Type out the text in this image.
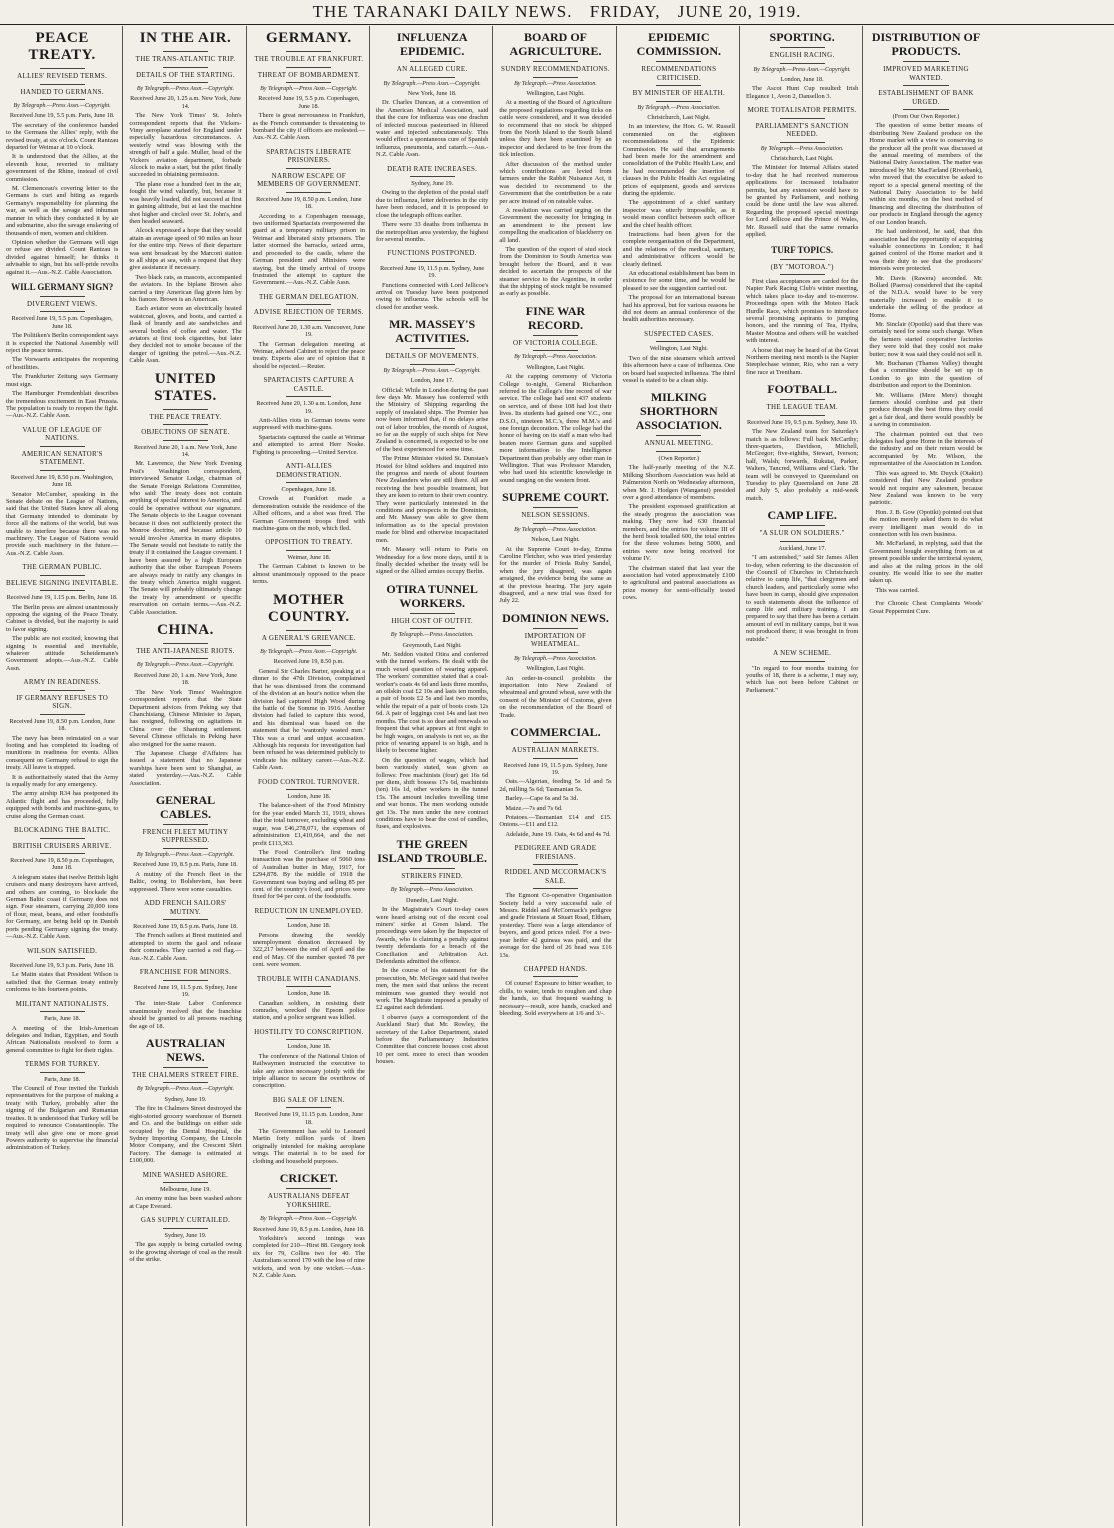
THE TARANAKI DAILY NEWS. FRIDAY, JUNE 20, 1919.
PEACE TREATY.
ALLIES' REVISED TERMS.
HANDED TO GERMANS.
By Telegraph.—Press Assn.—Copyright.
Received June 19, 5.5 p.m. Paris, June 18.

The secretary of the conference handed to the Germans the Allies' reply, with the revised treaty, at six o'clock. Count Rantzau departed for Weimar at 10 o'clock.

It is understood that the Allies, at the eleventh hour, reverted to military government of the Rhine, instead of civil commission.

M. Clemenceau's covering letter to the Germans is curt and biting as regards Germany's responsibility for planning the war, as well as the savage and inhuman manner in which they conducted it by air and submarine, also the savage enslaving of thousands of men, women and children.

Opinion whether the Germans will sign or refuse are divided. Count Rantzau is divided against himself; he thinks it advisable to sign, but his self-pride revolts against it.—Aus.-N.Z. Cable Association.

WILL GERMANY SIGN?
DIVERGENT VIEWS.
Received June 19, 5.5 p.m. Copenhagen, June 18.

The Politiken's Berlin correspondent says it is expected the National Assembly will reject the peace terms.

The Vorwaerts anticipates the reopening of hostilities.

The Frankfurter Zeitung says Germany must sign.

The Hamburger Fremdenblatt describes the tremendous excitement in East Prussia. The population is ready to reopen the fight.—Aus.-N.Z. Cable Assn.

VALUE OF LEAGUE OF NATIONS.
AMERICAN SENATOR'S STATEMENT.
Received June 19, 8.50 p.m. Washington, June 18.

Senator McCumber, speaking in the Senate debate on the League of Nations, said that the United States knew all along that Germany intended to dominate by force all the nations of the world, but was unable to interfere because there was no machinery. The League of Nations would provide such machinery in the future.—Aus.-N.Z. Cable Assn.

THE GERMAN PUBLIC.
BELIEVE SIGNING INEVITABLE.
Received June 19, 1.15 p.m. Berlin, June 18.

The Berlin press are almost unanimously opposing the signing of the Peace Treaty. Cabinet is divided, but the majority is said to favor signing.

The public are not excited, knowing that signing is essential and inevitable, whatever attitude Scheidemann's Government adopts.—Aus.-N.Z. Cable Assn.

ARMY IN READINESS.
IF GERMANY REFUSES TO SIGN.
Received June 19, 8.50 p.m. London, June 18.

The navy has been reinstated on a war footing and has completed its loading of munitions in readiness for events. Allies consequent on Germany refusal to sign the treaty. All leave is stopped.

It is authoritatively stated that the Army is equally ready for any emergency.

The army airship R34 has postponed its Atlantic flight and has proceeded, fully equipped with bombs and machine-guns, to cruise along the German coast.

BLOCKADING THE BALTIC.
BRITISH CRUISERS ARRIVE.
Received June 19, 8.50 p.m. Copenhagen, June 18.

A telegram states that twelve British light cruisers and many destroyers have arrived, and others are coming, to blockade the German Baltic coast if Germany does not sign. Four steamers, carrying 20,000 tons of flour, meat, beans, and other foodstuffs for Germany, are being held up in Danish ports pending Germany signing the treaty.—Aus.-N.Z. Cable Assn.

WILSON SATISFIED.
Received June 19, 9.3 p.m. Paris, June 18.

Le Matin states that President Wilson is satisfied that the German treaty entirely conforms to his fourteen points.

MILITANT NATIONALISTS.
Paris, June 18.

A meeting of the Irish-American delegates and Indian, Egyptian, and South African Nationalists resolved to form a general committee to fight for their rights.

TERMS FOR TURKEY.
Paris, June 18.

The Council of Four invited the Turkish representatives for the purpose of making a treaty with Turkey, probably after the signing of the Bulgarian and Rumanian treaties. It is understood that Turkey will be required to renounce Constantinople. The treaty will also give one or more great Powers authority to supervise the financial administration of Turkey.

IN THE AIR.
THE TRANS-ATLANTIC TRIP.
DETAILS OF THE STARTING.
By Telegraph.—Press Assn.—Copyright.
Received June 20, 1.25 a.m. New York, June 14.

The New York Times' St. John's correspondent reports that the Vickers-Vimy aeroplane started for England under especially hazardous circumstances. A westerly wind was blowing with the strength of half a gale. Muller, head of the Vickers aviation department, forbade Alcock to make a start, but the pilot finally succeeded in obtaining permission.

The plane rose a hundred feet in the air, fought the wind valiantly, but, because it was heavily loaded, did not succeed at first in gaining altitude, but at last the machine shot higher and circled over St. John's, and then headed seaward.

Alcock expressed a hope that they would attain an average speed of 90 miles an hour for the entire trip. News of their departure was sent broadcast by the Marconi station to all ships at sea, with a request that they give assistance if necessary.

Two black cats, as mascots, accompanied the aviators. In the biplane Brown also carried a tiny American flag given him by his fiancee. Brown is an American.

Each aviator wore an electrically heated waistcoat, gloves, and boots, and carried a flask of brandy and ate sandwiches and several bottles of coffee and water. The aviators at first took cigarettes, but later they decided not to smoke because of the danger of igniting the petrol.—Aus.-N.Z. Cable Assn.

UNITED STATES.
THE PEACE TREATY.
OBJECTIONS OF SENATE.
Received June 20, 1 a.m. New York, June 14.

Mr. Lawrence, the New York Evening Post's Washington correspondent, interviewed Senator Lodge, chairman of the Senate Foreign Relations Committee, who said: The treaty does not contain anything of special interest to America, and could be operative without our signature. The Senate objects to the League covenant because it does not sufficiently protect the Monroe doctrine, and because article 10 would involve America in many disputes. The Senate would not hesitate to ratify the treaty if it contained the League covenant. I have been assured by a high European authority that the other European Powers are always ready to ratify any changes in the treaty which America might suggest. The Senate will probably ultimately change the treaty by amendment or specific reservation on certain terms.—Aus.-N.Z. Cable Association.

CHINA.
THE ANTI-JAPANESE RIOTS.
By Telegraph.—Press Assn.—Copyright.
Received June 20, 1 a.m. New York, June 18.

The New York Times' Washington correspondent reports that the State Department advices from Peking say that Chanchisiang, Chinese Minister to Japan, has resigned, following on agitations in China over the Shantung settlement. Several Chinese officials in Peking have also resigned for the same reason.

The Japanese Charge d'Affaires has issued a statement that no Japanese warships have been sent to Shanghai, as stated yesterday.—Aus.-N.Z. Cable Association.

GENERAL CABLES.
FRENCH FLEET MUTINY SUPPRESSED.
By Telegraph.—Press Assn.—Copyright.
Received June 19, 8.5 p.m. Paris, June 18.

A mutiny of the French fleet in the Baltic, owing to Bolshevism, has been suppressed. There were some casualties.

ADD FRENCH SAILORS' MUTINY.
Received June 19, 8.5 p.m. Paris, June 18.

The French sailors at Brest mutinied and attempted to storm the gaol and release their comrades. They carried a red flag.—Aus.-N.Z. Cable Assn.

FRANCHISE FOR MINORS.
Received June 19, 11.5 p.m. Sydney, June 19.

The inter-State Labor Conference unanimously resolved that the franchise should be granted to all persons reaching the age of 18.

AUSTRALIAN NEWS.
THE CHALMERS STREET FIRE.
By Telegraph.—Press Assn.—Copyright.
Sydney, June 19.

The fire in Chalmers Street destroyed the eight-storied grocery warehouse of Burnett and Co. and the buildings on either side occupied by the Dental Hospital, the Sydney Importing Company, the Lincoln Motor Company, and the Crescent Shirt Factory. The damage is estimated at £100,000.

MINE WASHED ASHORE.
Melbourne, June 19.

An enemy mine has been washed ashore at Cape Everard.

GAS SUPPLY CURTAILED.
Sydney, June 19.

The gas supply is being curtailed owing to the growing shortage of coal as the result of the strike.

GERMANY.
THE TROUBLE AT FRANKFURT.
THREAT OF BOMBARDMENT.
By Telegraph.—Press Assn.—Copyright.
Received June 19, 5.5 p.m. Copenhagen, June 18.

There is great nervousness in Frankfurt, as the French commander is threatening to bombard the city if officers are molested.—Aus.-N.Z. Cable Assn.

SPARTACISTS LIBERATE PRISONERS.
NARROW ESCAPE OF MEMBERS OF GOVERNMENT.
Received June 19, 8.50 p.m. London, June 18.

According to a Copenhagen message, two uniformed Spartacists overpowered the guard at a temporary military prison in Weimar and liberated sixty prisoners. The latter stormed the barracks, seized arms, and proceeded to the castle, where the German president and Ministers were staying, but the timely arrival of troops frustrated the attempt to capture the Government.—Aus.-N.Z. Cable Assn.

THE GERMAN DELEGATION.
ADVISE REJECTION OF TERMS.
Received June 20, 1.30 a.m. Vancouver, June 19.

The German delegation meeting at Weimar, advised Cabinet to reject the peace treaty. Experts also are of opinion that it should be rejected.—Reuter.

SPARTACISTS CAPTURE A CASTLE.
Received June 20, 1.30 a.m. London, June 19.

Anti-Allies riots in German towns were suppressed with machine-guns.

Spartacists captured the castle at Weimar and attempted to arrest Herr Noske. Fighting is proceeding.—United Service.

ANTI-ALLIES DEMONSTRATION.
Copenhagen, June 18.

Crowds at Frankfort made a demonstration outside the residence of the Allied officers, and a shot was fired. The German Government troops fired with machine-guns on the mob, which fled.

OPPOSITION TO TREATY.
Weimar, June 18.

The German Cabinet is known to be almost unanimously opposed to the peace terms.

MOTHER COUNTRY.
A GENERAL'S GRIEVANCE.
By Telegraph.—Press Assn.—Copyright.
Received June 19, 8.50 p.m.

General Sir Charles Barter, speaking at a dinner to the 47th Division, complained that he was dismissed from the command of the division at an hour's notice when the division had captured High Wood during the battle of the Somme in 1916. Another division had failed to capture this wood, and his dismissal was based on the statement that he 'wantonly wasted men.' This was a cruel and unjust accusation. Although his requests for investigation had been refused he was determined publicly to vindicate his military career.—Aus.-N.Z. Cable Assn.

FOOD CONTROL TURNOVER.
London, June 18.

The balance-sheet of the Food Ministry for the year ended March 31, 1919, shows that the total turnover, excluding wheat and sugar, was £46,278,071, the expenses of administration £1,410,664, and the net profit £113,363.

The Food Controller's first trading transaction was the purchase of 5060 tons of Australian butter in May, 1917, for £294,878. By the middle of 1918 the Government was buying and selling 85 per cent. of the country's food, and prices were fixed for 94 per cent. of the foodstuffs.

REDUCTION IN UNEMPLOYED.
London, June 18.

Persons drawing the weekly unemployment donation decreased by 322,217 between the end of April and the end of May. Of the number quoted 78 per cent. were women.

TROUBLE WITH CANADIANS.
London, June 18.

Canadian soldiers, in resisting their comrades, wrecked the Epsom police station, and a police sergeant was killed.

HOSTILITY TO CONSCRIPTION.
London, June 18.

The conference of the National Union of Railwaymen instructed the executive to take any action necessary jointly with the triple alliance to secure the overthrow of conscription.

BIG SALE OF LINEN.
Received June 19, 11.15 p.m. London, June 18.

The Government has sold to Leonard Martin forty million yards of linen originally intended for making aeroplane wings. The material is to be used for clothing and household purposes.

CRICKET.
AUSTRALIANS DEFEAT YORKSHIRE.
By Telegraph.—Press Assn.—Copyright.
Received June 19, 8.5 p.m. London, June 18.

Yorkshire's second innings was completed for 210—Hirst 88. Gregory took six for 79, Collins two for 40. The Australians scored 170 with the loss of nine wickets, and won by one wicket.—Aus.-N.Z. Cable Assn.

INFLUENZA EPIDEMIC.
AN ALLEGED CURE.
By Telegraph.—Press Assn.—Copyright.
New York, June 18.

Dr. Charles Duncan, at a convention of the American Medical Association, said that the cure for influenza was one drachm of infected mucous pasteurised in filtered water and injected subcutaneously. This would effect a spontaneous cure of Spanish influenza, pneumonia, and catarrh.—Aus.-N.Z. Cable Assn.

DEATH RATE INCREASES.
Sydney, June 19.

Owing to the depletion of the postal staff due to influenza, letter deliveries in the city have been reduced, and it is proposed to close the telegraph offices earlier.

There were 33 deaths from influenza in the metropolitan area yesterday, the highest for several months.

FUNCTIONS POSTPONED.
Received June 19, 11.5 p.m. Sydney, June 19.

Functions connected with Lord Jellicoe's arrival on Tuesday have been postponed owing to influenza. The schools will be closed for another week.

MR. MASSEY'S ACTIVITIES.
DETAILS OF MOVEMENTS.
By Telegraph.—Press Assn.—Copyright.
London, June 17.

Official: While in London during the past few days Mr. Massey has conferred with the Ministry of Shipping regarding the supply of insulated ships. The Premier has now been informed that, if no delays arise out of labor troubles, the month of August, so far as the supply of such ships for New Zealand is concerned, is expected to be one of the best experienced for some time.

The Prime Minister visited St. Dunstan's Hostel for blind soldiers and inquired into the progress and needs of about fourteen New Zealanders who are still there. All are receiving the best possible treatment, but they are keen to return to their own country. They were particularly interested in the conditions and prospects in the Dominion, and Mr. Massey was able to give them information as to the special provision made for blind and otherwise incapacitated men.

Mr. Massey will return to Paris on Wednesday for a few more days, until it is finally decided whether the treaty will be signed or the Allied armies occupy Berlin.

OTIRA TUNNEL WORKERS.
HIGH COST OF OUTFIT.
By Telegraph.—Press Association.
Greymouth, Last Night.

Mr. Seddon visited Otira and conferred with the tunnel workers. He dealt with the much vexed question of wearing apparel. The workers' committee stated that a coal-worker's coats 4s 6d and lasts three months, an oilskin coat £2 10s and lasts ten months, a pair of boots £2 5s and last two months, while the repair of a pair of boots costs 12s 6d. A pair of leggings cost 14s and last two months. The cost is so dear and renewals so frequent that what appears at first sight to be high wages, on analysis is not so, as the price of wearing apparel is so high, and is likely to become higher.

On the question of wages, which had been variously stated, was given as follows: Free machinists (four) get 16s 6d per diem, shift bossess 17s 6d, machinists (ten) 16s 1d, other workers in the tunnel 15s. The amount includes travelling time and war bonus. The men working outside get 13s. The men under the new contract conditions have to bear the cost of candles, fuses, and explosives.

THE GREEN ISLAND TROUBLE.
STRIKERS FINED.
By Telegraph.—Press Association.
Dunedin, Last Night.

In the Magistrate's Court to-day cases were heard arising out of the recent coal miners' strike at Green Island. The proceedings were taken by the Inspector of Awards, who is claiming a penalty against twenty defendants for a breach of the Conciliation and Arbitration Act. Defendants admitted the offence.

In the course of his statement for the prosecution, Mr. McGregor said that twelve men, the men said that unless the recent minimum was granted they would not work. The Magistrate imposed a penalty of £2 against each defendant.

I observe (says a correspondent of the Auckland Star) that Mr. Rowley, the secretary of the Labor Department, stated before the Parliamentary Industries Committee that concrete houses cost about 10 per cent. more to erect than wooden houses.

BOARD OF AGRICULTURE.
SUNDRY RECOMMENDATIONS.
By Telegraph.—Press Association.
Wellington, Last Night.

At a meeting of the Board of Agriculture the proposed regulations regarding ticks on cattle were considered, and it was decided to recommend that no stock be shipped from the North Island to the South Island unless they have been examined by an inspector and declared to be free from the tick infection.

After discussion of the method under which contributions are levied from farmers under the Rabbit Nuisance Act, it was decided to recommend to the Government that the contribution be a rate per acre instead of on rateable value.

A resolution was carried urging on the Government the necessity for bringing in an amendment to the present law compelling the eradication of blackberry on all land.

The question of the export of stud stock from the Dominion to South America was brought before the Board, and it was decided to ascertain the prospects of the steamer service to the Argentine, in order that the shipping of stock might be resumed as early as possible.

FINE WAR RECORD.
OF VICTORIA COLLEGE.
By Telegraph.—Press Association.
Wellington, Last Night.

At the capping ceremony of Victoria College to-night, General Richardson referred to the College's fine record of war service. The college had sent 437 students on service, and of these 108 had lost their lives. Its students had gained one V.C., one D.S.O., nineteen M.C.'s, three M.M.'s and one foreign decoration. The college had the honor of having on its staff a man who had beaten more German guns and supplied more information to the Intelligence Department than probably any other man in Wellington. That was Professor Marsden, who had used his scientific knowledge in sound ranging on the western front.

SUPREME COURT.
NELSON SESSIONS.
By Telegraph.—Press Association.
Nelson, Last Night.

At the Supreme Court to-day, Emma Caroline Fletcher, who was tried yesterday for the murder of Frieda Ruby Sandel, when the jury disagreed, was again arraigned, the evidence being the same as at the previous hearing. The jury again disagreed, and a new trial was fixed for July 22.

DOMINION NEWS.
IMPORTATION OF WHEATMEAL.
By Telegraph.—Press Association.
Wellington, Last Night.

An order-in-council prohibits the importation into New Zealand of wheatmeal and ground wheat, save with the consent of the Minister of Customs, given on the recommendation of the Board of Trade.

COMMERCIAL.
AUSTRALIAN MARKETS.
Received June 19, 11.5 p.m. Sydney, June 19.

Oats.—Algerian, feeding 5s 1d and 5s 2d, milling 5s 6d; Tasmanian 5s.

Barley.—Cape 6s and 5s 3d.

Maize.—7s and 7s 6d.

Potatoes.—Tasmanian £14 and £15. Onions.—£11 and £12.

Adelaide, June 19. Oats, 4s 6d and 4s 7d.

PEDIGREE AND GRADE FRIESIANS.
RIDDEL AND MCCORMACK'S SALE.

The Egmont Co-operative Organisation Society held a very successful sale of Messrs. Riddel and McCormack's pedigree and grade Friesians at Stuart Road, Eltham, yesterday. There was a large attendance of buyers, and good prices ruled. For a two-year heifer 42 guineas was paid, and the average for the herd of 26 head was £16 13s.

CHAPPED HANDS.

Of course! Exposure to bitter weather, to chills, to water, tends to roughen and chap the hands, so that frequent washing is necessary—result, sore hands, cracked and bleeding. Sold everywhere at 1/6 and 3/-.

EPIDEMIC COMMISSION.
RECOMMENDATIONS CRITICISED.
BY MINISTER OF HEALTH.
By Telegraph.—Press Association.
Christchurch, Last Night.

In an interview, the Hon. G. W. Russell commented on the eighteen recommendations of the Epidemic Commission. He said that arrangements had been made for the amendment and consolidation of the Public Health Law, and he had recommended the insertion of clauses in the Public Health Act regulating prices of equipment, goods and services during the epidemic.

The appointment of a chief sanitary inspector was utterly impossible, as it would mean conflict between such officer and the chief health officer.

Instructions had been given for the complete reorganisation of the Department, and the relations of the medical, sanitary, and administrative officers would be clearly defined.

An educational establishment has been in existence for some time, and he would be pleased to see the suggestion carried out.

The proposal for an international bureau had his approval, but for various reasons he did not deem an annual conference of the health authorities necessary.

SUSPECTED CASES.
Wellington, Last Night.

Two of the nine steamers which arrived this afternoon have a case of influenza. One on board had suspected influenza. The third vessel is stated to be a clean ship.

MILKING SHORTHORN ASSOCIATION.
ANNUAL MEETING.
(Own Reporter.)

The half-yearly meeting of the N.Z. Milking Shorthorn Association was held at Palmerston North on Wednesday afternoon, when Mr. J. Hodgen (Wanganui) presided over a good attendance of members.

The president expressed gratification at the steady progress the association was making. They now had 630 financial members, and the entries for volume III of the herd book totalled 600, the total entries for the three volumes being 5000, and entries were now being received for volume IV.

The chairman stated that last year the association had voted approximately £100 to agricultural and pastoral associations as prize money for semi-officially tested cows.

SPORTING.
ENGLISH RACING.
By Telegraph.—Press Assn.—Copyright.
London, June 18.

The Ascot Hunt Cup resulted: Irish Elegance 1, Avon 2, Dansellon 3.

MORE TOTALISATOR PERMITS.
PARLIAMENT'S SANCTION NEEDED.
By Telegraph.—Press Association.
Christchurch, Last Night.

The Minister for Internal Affairs stated to-day that he had received numerous applications for increased totalisator permits, but any extension would have to be granted by Parliament, and nothing could be done until the law was altered. Regarding the proposed special meetings for Lord Jellicoe and the Prince of Wales, Mr. Russell said that the same remarks applied.

TURF TOPICS.
(BY "MOTOROA.")

First class acceptances are carded for the Napier Park Racing Club's winter meeting, which takes place to-day and to-morrow. Proceedings open with the Moteo Hack Hurdle Race, which promises to introduce several promising aspirants to jumping honors, and the running of Tea, Hydra, Master Moutoa and others will be watched with interest.

A horse that may be heard of at the Great Northern meeting next month is the Napier Steeplechase winner, Rio, who ran a very fine race at Trentham.

FOOTBALL.
THE LEAGUE TEAM.
Received June 19, 9.5 p.m. Sydney, June 19.

The New Zealand team for Saturday's match is as follows: Full back McCarthy; three-quarters, Davidson, Mitchell, McGregor; five-eighths, Stewart, Iverson; half, Walsh; forwards, Rukutai, Parker, Walters, Tancred, Williams and Clark. The team will be conveyed to Queensland on Tuesday to play Queensland on June 28 and July 5, also probably a mid-week match.

CAMP LIFE.
"A SLUR ON SOLDIERS."
Auckland, June 17.

"I am astonished," said Sir James Allen to-day, when referring to the discussion of the Council of Churches in Christchurch relative to camp life, "that clergymen and church leaders, and particularly some who have been in camp, should give expression to such statements about the influence of camp life and military training. I am prepared to say that there has been a certain amount of evil in military camps, but it was not produced there; it was brought in from outside."

A NEW SCHEME.

"In regard to four months training for youths of 18, there is a scheme, I may say, which has not been before Cabinet or Parliament."

DISTRIBUTION OF PRODUCTS.
IMPROVED MARKETING WANTED.
ESTABLISHMENT OF BANK URGED.
(From Our Own Reporter.)

The question of some better means of distributing New Zealand produce on the Home market with a view to conserving to the producer all the profit was discussed at the annual meeting of members of the National Dairy Association. The matter was introduced by Mr. MacFarland (Riverbank), who moved that the executive be asked to report to a special general meeting of the National Dairy Association to be held within six months, on the best method of financing and directing the distribution of our products in England through the agency of our London branch.

He had understood, he said, that this association had the opportunity of acquiring valuable connections in London; it had gained control of the Home market and it was their duty to see that the producers' interests were protected.

Mr. Davis (Rawera) seconded. Mr. Bollard (Paeroa) considered that the capital of the N.D.A. would have to be very materially increased to enable it to undertake the selling of the produce at Home.

Mr. Sinclair (Opotiki) said that there was certainly need for some such change. When the farmers started cooperative factories they were told that they could not make butter; now it was said they could not sell it.

Mr. Buchanan (Thames Valley) thought that a committee should be set up in London to go into the question of distribution and report to the Dominion.

Mr. Williams (Mere Mere) thought farmers should combine and put their produce through the best firms they could get a fair deal, and there would possibly be a saving in commission.

The chairman pointed out that two delegates had gone Home in the interests of the industry and on their return would be accompanied by Mr. Wilson, the representative of the Association in London.

This was agreed to. Mr. Duyck (Otakiri) considered that New Zealand produce would not require any salesmen, because New Zealand was known to be very patriotic.

Hon. J. B. Gow (Opotiki) pointed out that the motion merely asked them to do what every intelligent man would do in connection with his own business.

Mr. McFarland, in replying, said that the Government bought everything from us at present possible under the territorial system, and also at the ruling prices in the old country. He would like to see the matter taken up.

This was carried.

For Chronic Chest Complaints Woods' Great Peppermint Cure.
